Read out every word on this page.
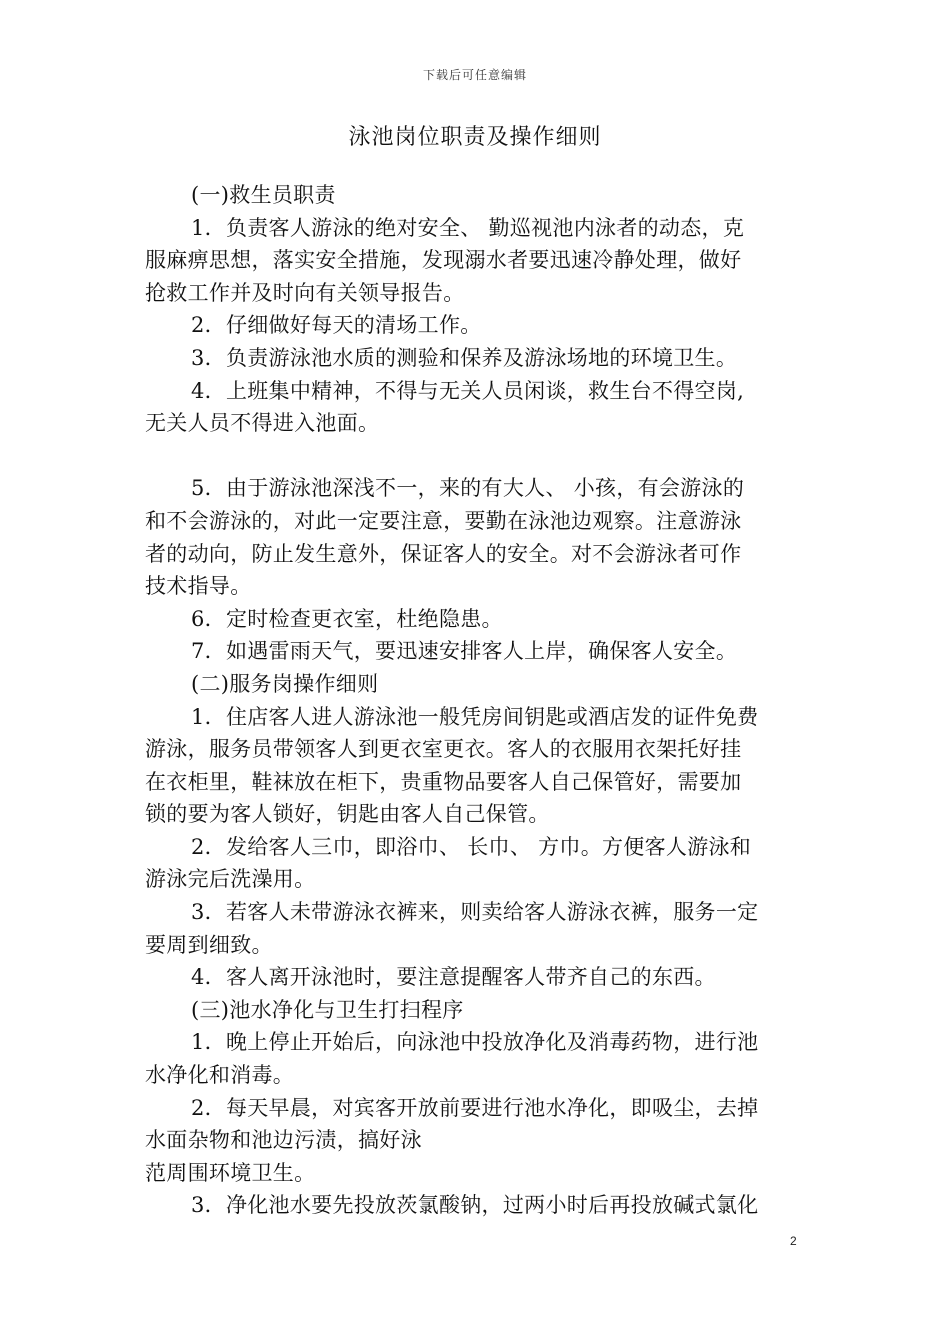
下载后可任意编辑
泳池岗位职责及操作细则
(一)救生员职责
1．负责客人游泳的绝对安全、 勤巡视池内泳者的动态，克
服麻痹思想，落实安全措施，发现溺水者要迅速冷静处理，做好
抢救工作并及时向有关领导报告。
2．仔细做好每天的清场工作。
3．负责游泳池水质的测验和保养及游泳场地的环境卫生。
4．上班集中精神，不得与无关人员闲谈，救生台不得空岗,
无关人员不得进入池面。
5．由于游泳池深浅不一，来的有大人、 小孩，有会游泳的
和不会游泳的，对此一定要注意，要勤在泳池边观察。注意游泳
者的动向，防止发生意外，保证客人的安全。对不会游泳者可作
技术指导。
6．定时检查更衣室，杜绝隐患。
7．如遇雷雨天气，要迅速安排客人上岸，确保客人安全。
(二)服务岗操作细则
1．住店客人进人游泳池一般凭房间钥匙或酒店发的证件免费
游泳，服务员带领客人到更衣室更衣。客人的衣服用衣架托好挂
在衣柜里，鞋袜放在柜下，贵重物品要客人自己保管好，需要加
锁的要为客人锁好，钥匙由客人自己保管。
2．发给客人三巾，即浴巾、 长巾、 方巾。方便客人游泳和
游泳完后洗澡用。
3．若客人未带游泳衣裤来，则卖给客人游泳衣裤，服务一定
要周到细致。
4．客人离开泳池时，要注意提醒客人带齐自己的东西。
(三)池水净化与卫生打扫程序
1．晚上停止开始后，向泳池中投放净化及消毒药物，进行池
水净化和消毒。
2．每天早晨，对宾客开放前要进行池水净化，即吸尘，去掉
水面杂物和池边污渍，搞好泳
范周围环境卫生。
3．净化池水要先投放茨氯酸钠，过两小时后再投放碱式氯化
2
